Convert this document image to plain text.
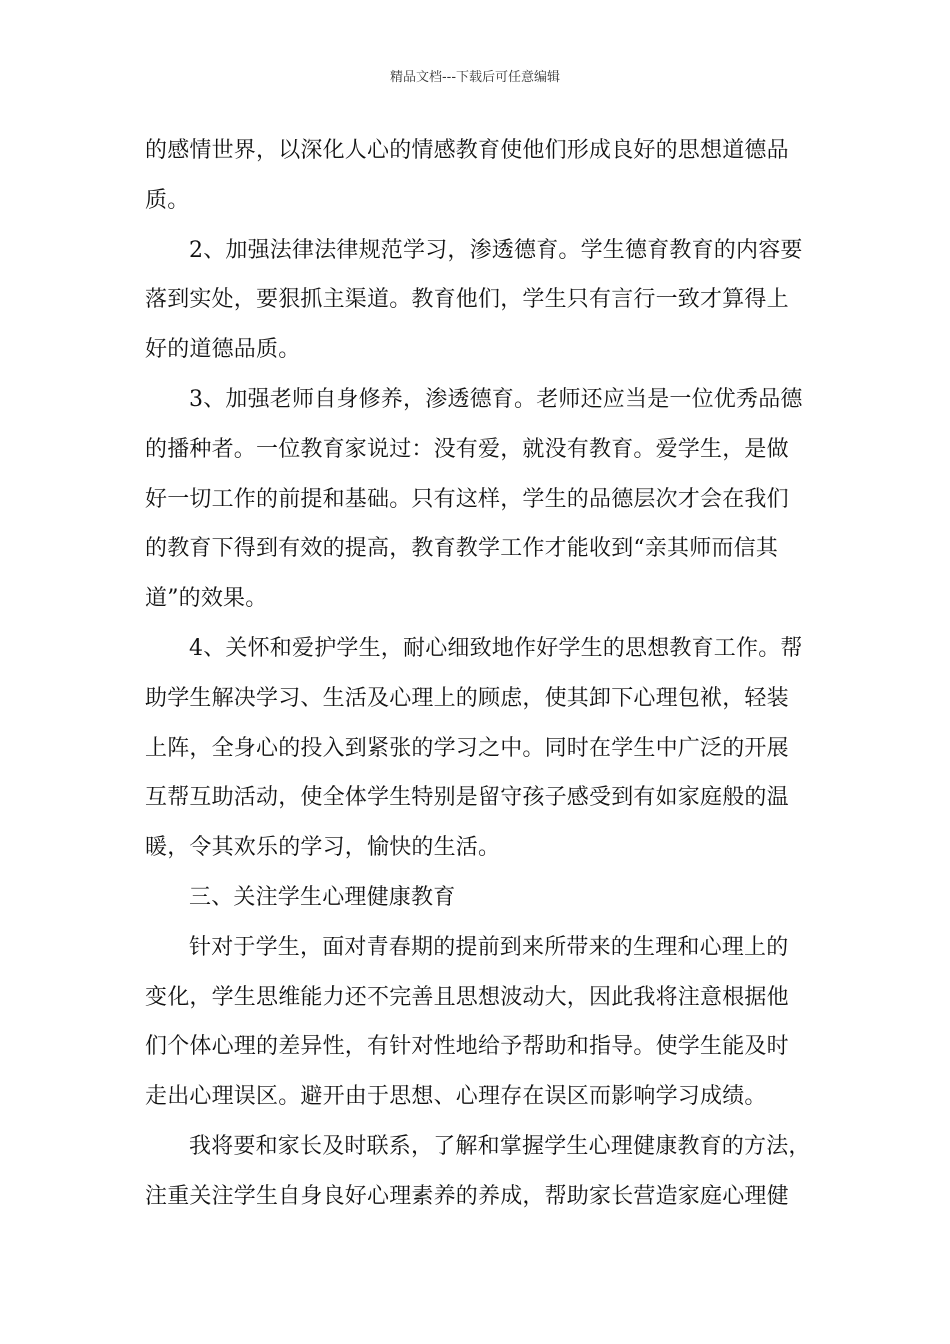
精品文档---下载后可任意编辑
的感情世界，以深化人心的情感教育使他们形成良好的思想道德品
质。
2、加强法律法律规范学习，渗透德育。学生德育教育的内容要
落到实处，要狠抓主渠道。教育他们，学生只有言行一致才算得上
好的道德品质。
3、加强老师自身修养，渗透德育。老师还应当是一位优秀品德
的播种者。一位教育家说过：没有爱，就没有教育。爱学生，是做
好一切工作的前提和基础。只有这样，学生的品德层次才会在我们
的教育下得到有效的提高，教育教学工作才能收到“亲其师而信其
道”的效果。
4、关怀和爱护学生，耐心细致地作好学生的思想教育工作。帮
助学生解决学习、生活及心理上的顾虑，使其卸下心理包袱，轻装
上阵，全身心的投入到紧张的学习之中。同时在学生中广泛的开展
互帮互助活动，使全体学生特别是留守孩子感受到有如家庭般的温
暖，令其欢乐的学习，愉快的生活。
三、关注学生心理健康教育
针对于学生，面对青春期的提前到来所带来的生理和心理上的
变化，学生思维能力还不完善且思想波动大，因此我将注意根据他
们个体心理的差异性，有针对性地给予帮助和指导。使学生能及时
走出心理误区。避开由于思想、心理存在误区而影响学习成绩。
我将要和家长及时联系，了解和掌握学生心理健康教育的方法，
注重关注学生自身良好心理素养的养成，帮助家长营造家庭心理健
